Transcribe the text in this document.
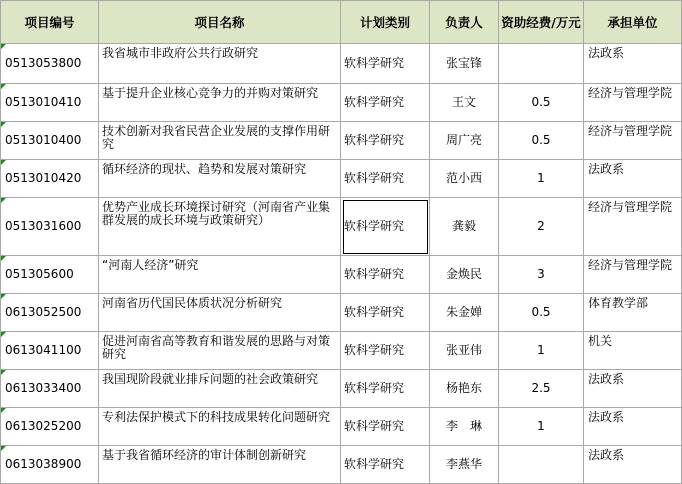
项目编号	项目名称	计划类别	负责人	资助经费/万元	承担单位

0513053800	我省城市非政府公共行政研究	软科学研究	张宝锋		法政系

0513010410	基于提升企业核心竞争力的并购对策研究	软科学研究	王文	0.5	经济与管理学院

0513010400	技术创新对我省民营企业发展的支撑作用研究	软科学研究	周广亮	0.5	经济与管理学院

0513010420	循环经济的现状、趋势和发展对策研究	软科学研究	范小西	1	法政系

0513031600	优势产业成长环境探讨研究（河南省产业集群发展的成长环境与政策研究）	软科学研究	龚毅	2	经济与管理学院

051305600	“河南人经济”研究	软科学研究	金焕民	3	经济与管理学院

0613052500	河南省历代国民体质状况分析研究	软科学研究	朱金婵	0.5	体育教学部

0613041100	促进河南省高等教育和谐发展的思路与对策研究	软科学研究	张亚伟	1	机关

0613033400	我国现阶段就业排斥问题的社会政策研究	软科学研究	杨艳东	2.5	法政系

0613025200	专利法保护模式下的科技成果转化问题研究	软科学研究	李　琳	1	法政系

0613038900	基于我省循环经济的审计体制创新研究	软科学研究	李燕华		法政系
